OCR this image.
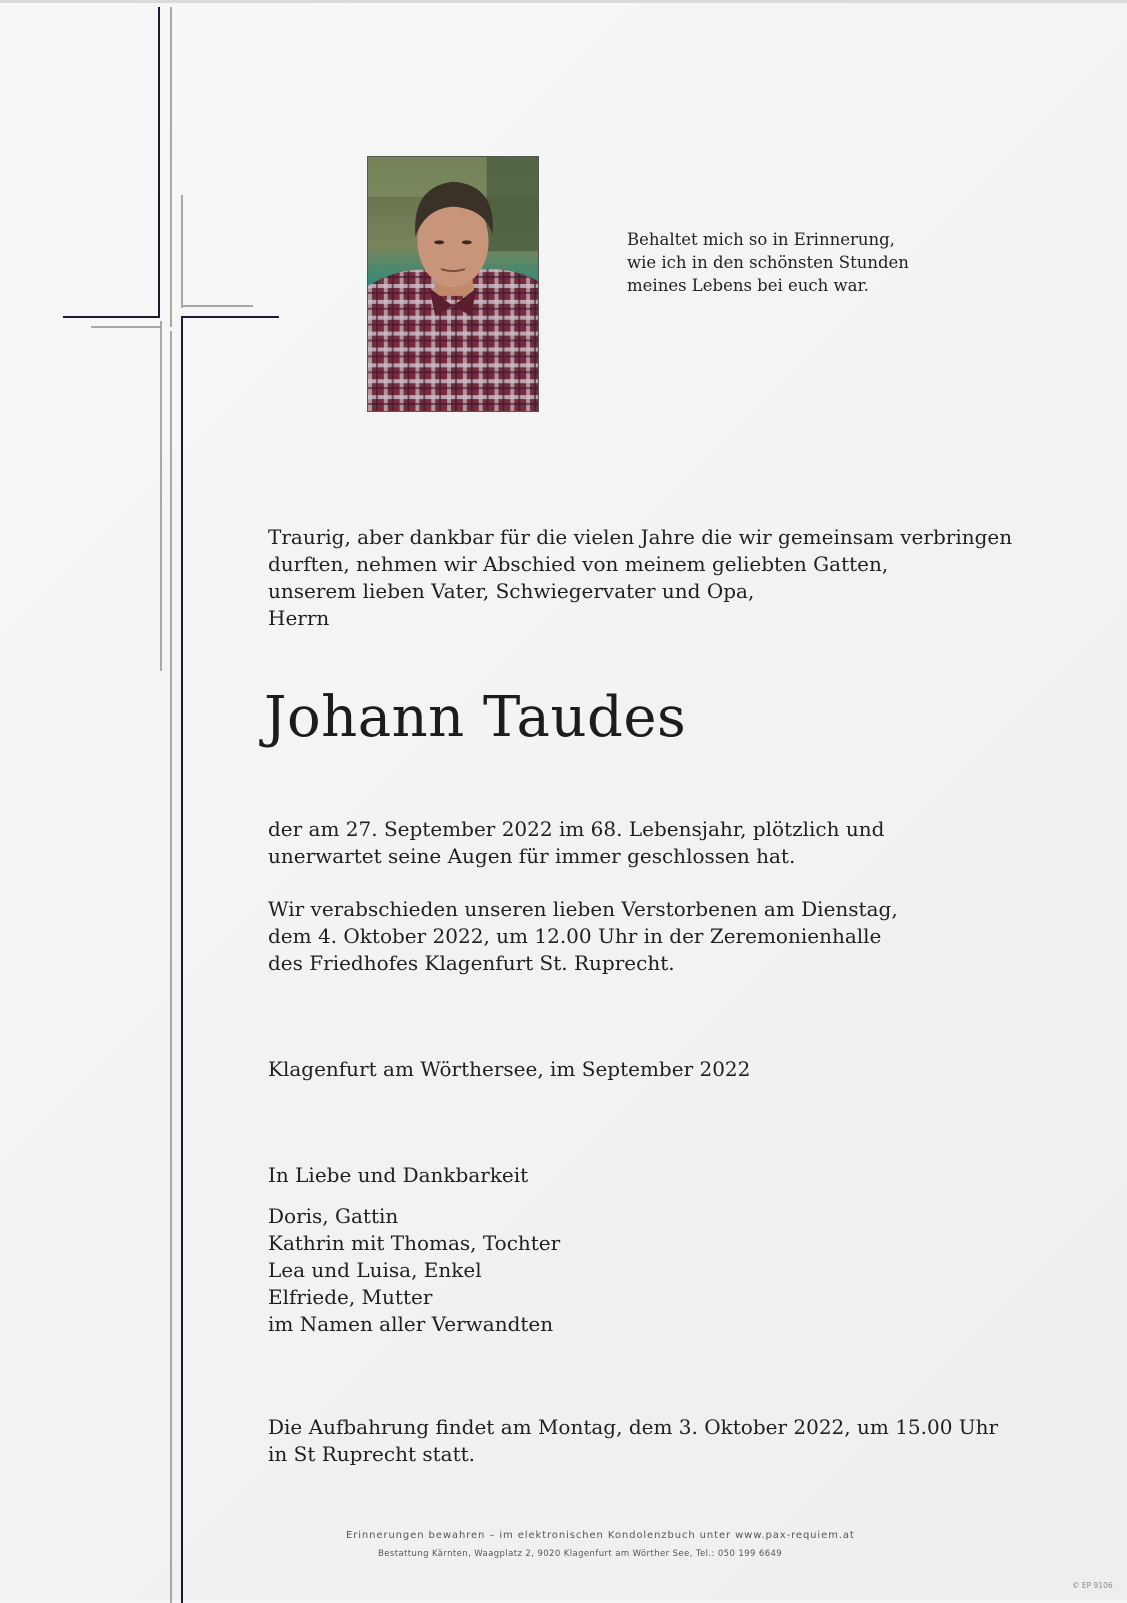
Behaltet mich so in Erinnerung,
wie ich in den schönsten Stunden
meines Lebens bei euch war.
Traurig, aber dankbar für die vielen Jahre die wir gemeinsam verbringen
durften, nehmen wir Abschied von meinem geliebten Gatten,
unserem lieben Vater, Schwiegervater und Opa,
Herrn
Johann Taudes
der am 27. September 2022 im 68. Lebensjahr, plötzlich und
unerwartet seine Augen für immer geschlossen hat.
Wir verabschieden unseren lieben Verstorbenen am Dienstag,
dem 4. Oktober 2022, um 12.00 Uhr in der Zeremonienhalle
des Friedhofes Klagenfurt St. Ruprecht.
Klagenfurt am Wörthersee, im September 2022
In Liebe und Dankbarkeit
Doris, Gattin
Kathrin mit Thomas, Tochter
Lea und Luisa, Enkel
Elfriede, Mutter
im Namen aller Verwandten
Die Aufbahrung findet am Montag, dem 3. Oktober 2022, um 15.00 Uhr
in St Ruprecht statt.
Erinnerungen bewahren – im elektronischen Kondolenzbuch unter www.pax-requiem.at
Bestattung Kärnten, Waagplatz 2, 9020 Klagenfurt am Wörther See, Tel.: 050 199 6649
© EP 9106
